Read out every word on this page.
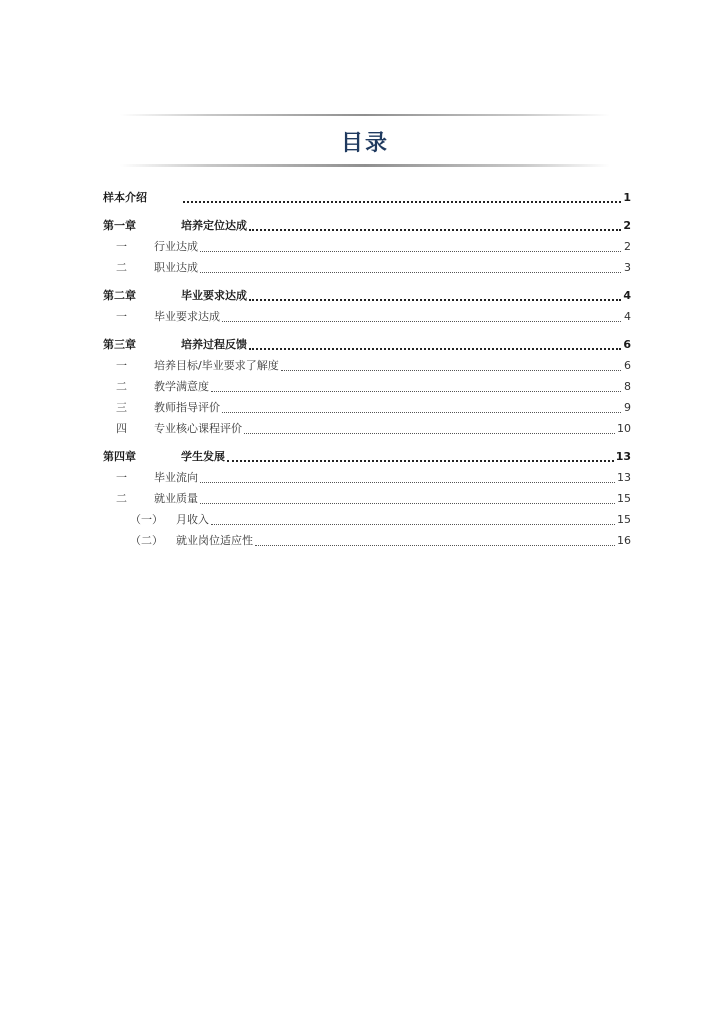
目录
样本介绍	1
第一章	培养定位达成	2
一	行业达成	2
二	职业达成	3
第二章	毕业要求达成	4
一	毕业要求达成	4
第三章	培养过程反馈	6
一	培养目标/毕业要求了解度	6
二	教学满意度	8
三	教师指导评价	9
四	专业核心课程评价	10
第四章	学生发展	13
一	毕业流向	13
二	就业质量	15
（一）	月收入	15
（二）	就业岗位适应性	16
